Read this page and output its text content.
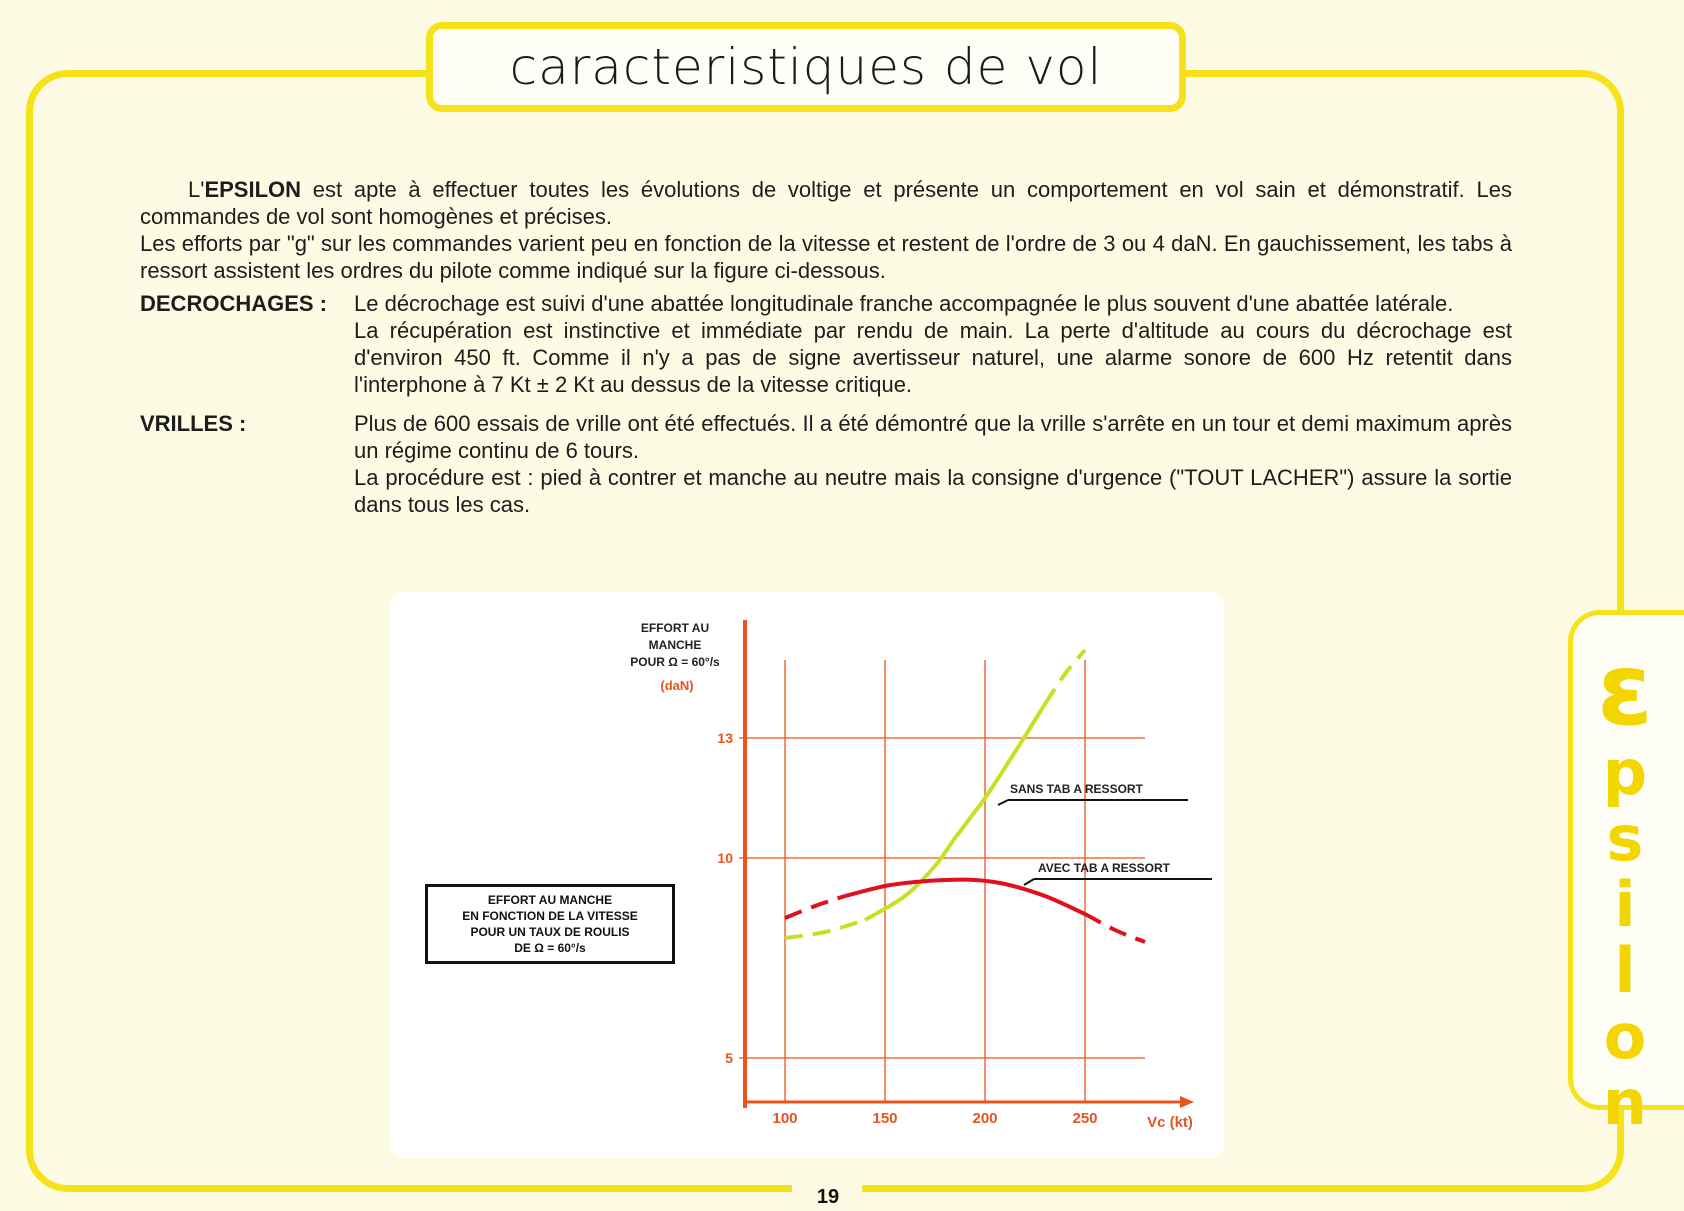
caracteristiques de vol
ε
p
s
i
l
o
n

L'EPSILON est apte à effectuer toutes les évolutions de voltige et présente un comportement en vol sain et démonstratif. Les commandes de vol sont homogènes et précises.

Les efforts par "g" sur les commandes varient peu en fonction de la vitesse et restent de l'ordre de 3 ou 4 daN. En gauchissement, les tabs à ressort assistent les ordres du pilote comme indiqué sur la figure ci-dessous.

DECROCHAGES :	Le décrochage est suivi d'une abattée longitudinale franche accompagnée le plus souvent d'une abattée latérale.

La récupération est instinctive et immédiate par rendu de main. La perte d'altitude au cours du décrochage est d'environ 450 ft. Comme il n'y a pas de signe avertisseur naturel, une alarme sonore de 600 Hz retentit dans l'interphone à 7 Kt ± 2 Kt au dessus de la vitesse critique.

VRILLES :	Plus de 600 essais de vrille ont été effectués. Il a été démontré que la vrille s'arrête en un tour et demi maximum après un régime continu de 6 tours.

La procédure est : pied à contrer et manche au neutre mais la consigne d'urgence ("TOUT LACHER") assure la sortie dans tous les cas.

EFFORT AU MANCHE
EN FONCTION DE LA VITESSE
POUR UN TAUX DE ROULIS
DE Ω = 60°/s
EFFORT AU
MANCHE
POUR Ω = 60°/s
(daN)
Vc (kt)
SANS TAB A RESSORT
AVEC TAB A RESSORT
100	150	200	250
5
10
13
19
